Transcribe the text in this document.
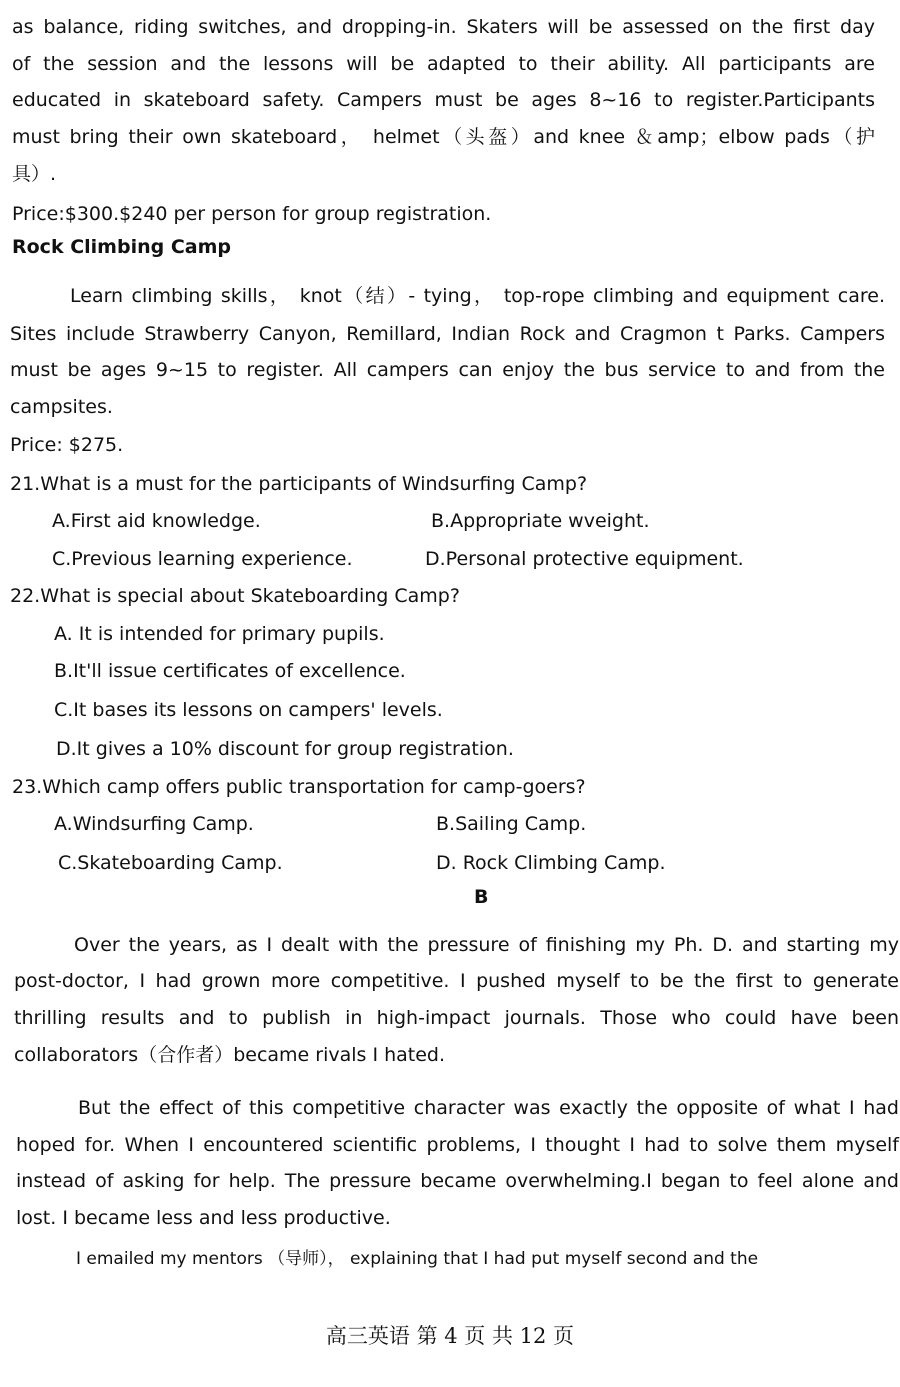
as balance, riding switches, and dropping-in. Skaters will be assessed on the first day
of the session and the lessons will be adapted to their ability. All participants are
educated in skateboard safety. Campers must be ages 8~16 to register.Participants
must bring their own skateboard， helmet（头盔）and knee ＆amp；elbow pads（护
具）.
Price:$300.$240 per person for group registration.
Rock Climbing Camp
Learn climbing skills， knot（结）- tying， top-rope climbing and equipment care.
Sites include Strawberry Canyon, Remillard, Indian Rock and Cragmon t Parks. Campers
must be ages 9~15 to register. All campers can enjoy the bus service to and from the
campsites.
Price: $275.
21.What is a must for the participants of Windsurfing Camp?
A.First aid knowledge.	B.Appropriate wveight.
C.Previous learning experience.	D.Personal protective equipment.
22.What is special about Skateboarding Camp?
A. It is intended for primary pupils.
B.It'll issue certificates of excellence.
C.It bases its lessons on campers' levels.
D.It gives a 10% discount for group registration.
23.Which camp offers public transportation for camp-goers?
A.Windsurfing Camp.	B.Sailing Camp.
C.Skateboarding Camp.	D. Rock Climbing Camp.
B
Over the years, as I dealt with the pressure of finishing my Ph. D. and starting my
post-doctor, I had grown more competitive. I pushed myself to be the first to generate
thrilling results and to publish in high-impact journals. Those who could have been
collaborators（合作者）became rivals I hated.
But the effect of this competitive character was exactly the opposite of what I had
hoped for. When I encountered scientific problems, I thought I had to solve them myself
instead of asking for help. The pressure became overwhelming.I began to feel alone and
lost. I became less and less productive.
I emailed my mentors （导师）， explaining that I had put myself second and the
高三英语 第 4 页 共 12 页
